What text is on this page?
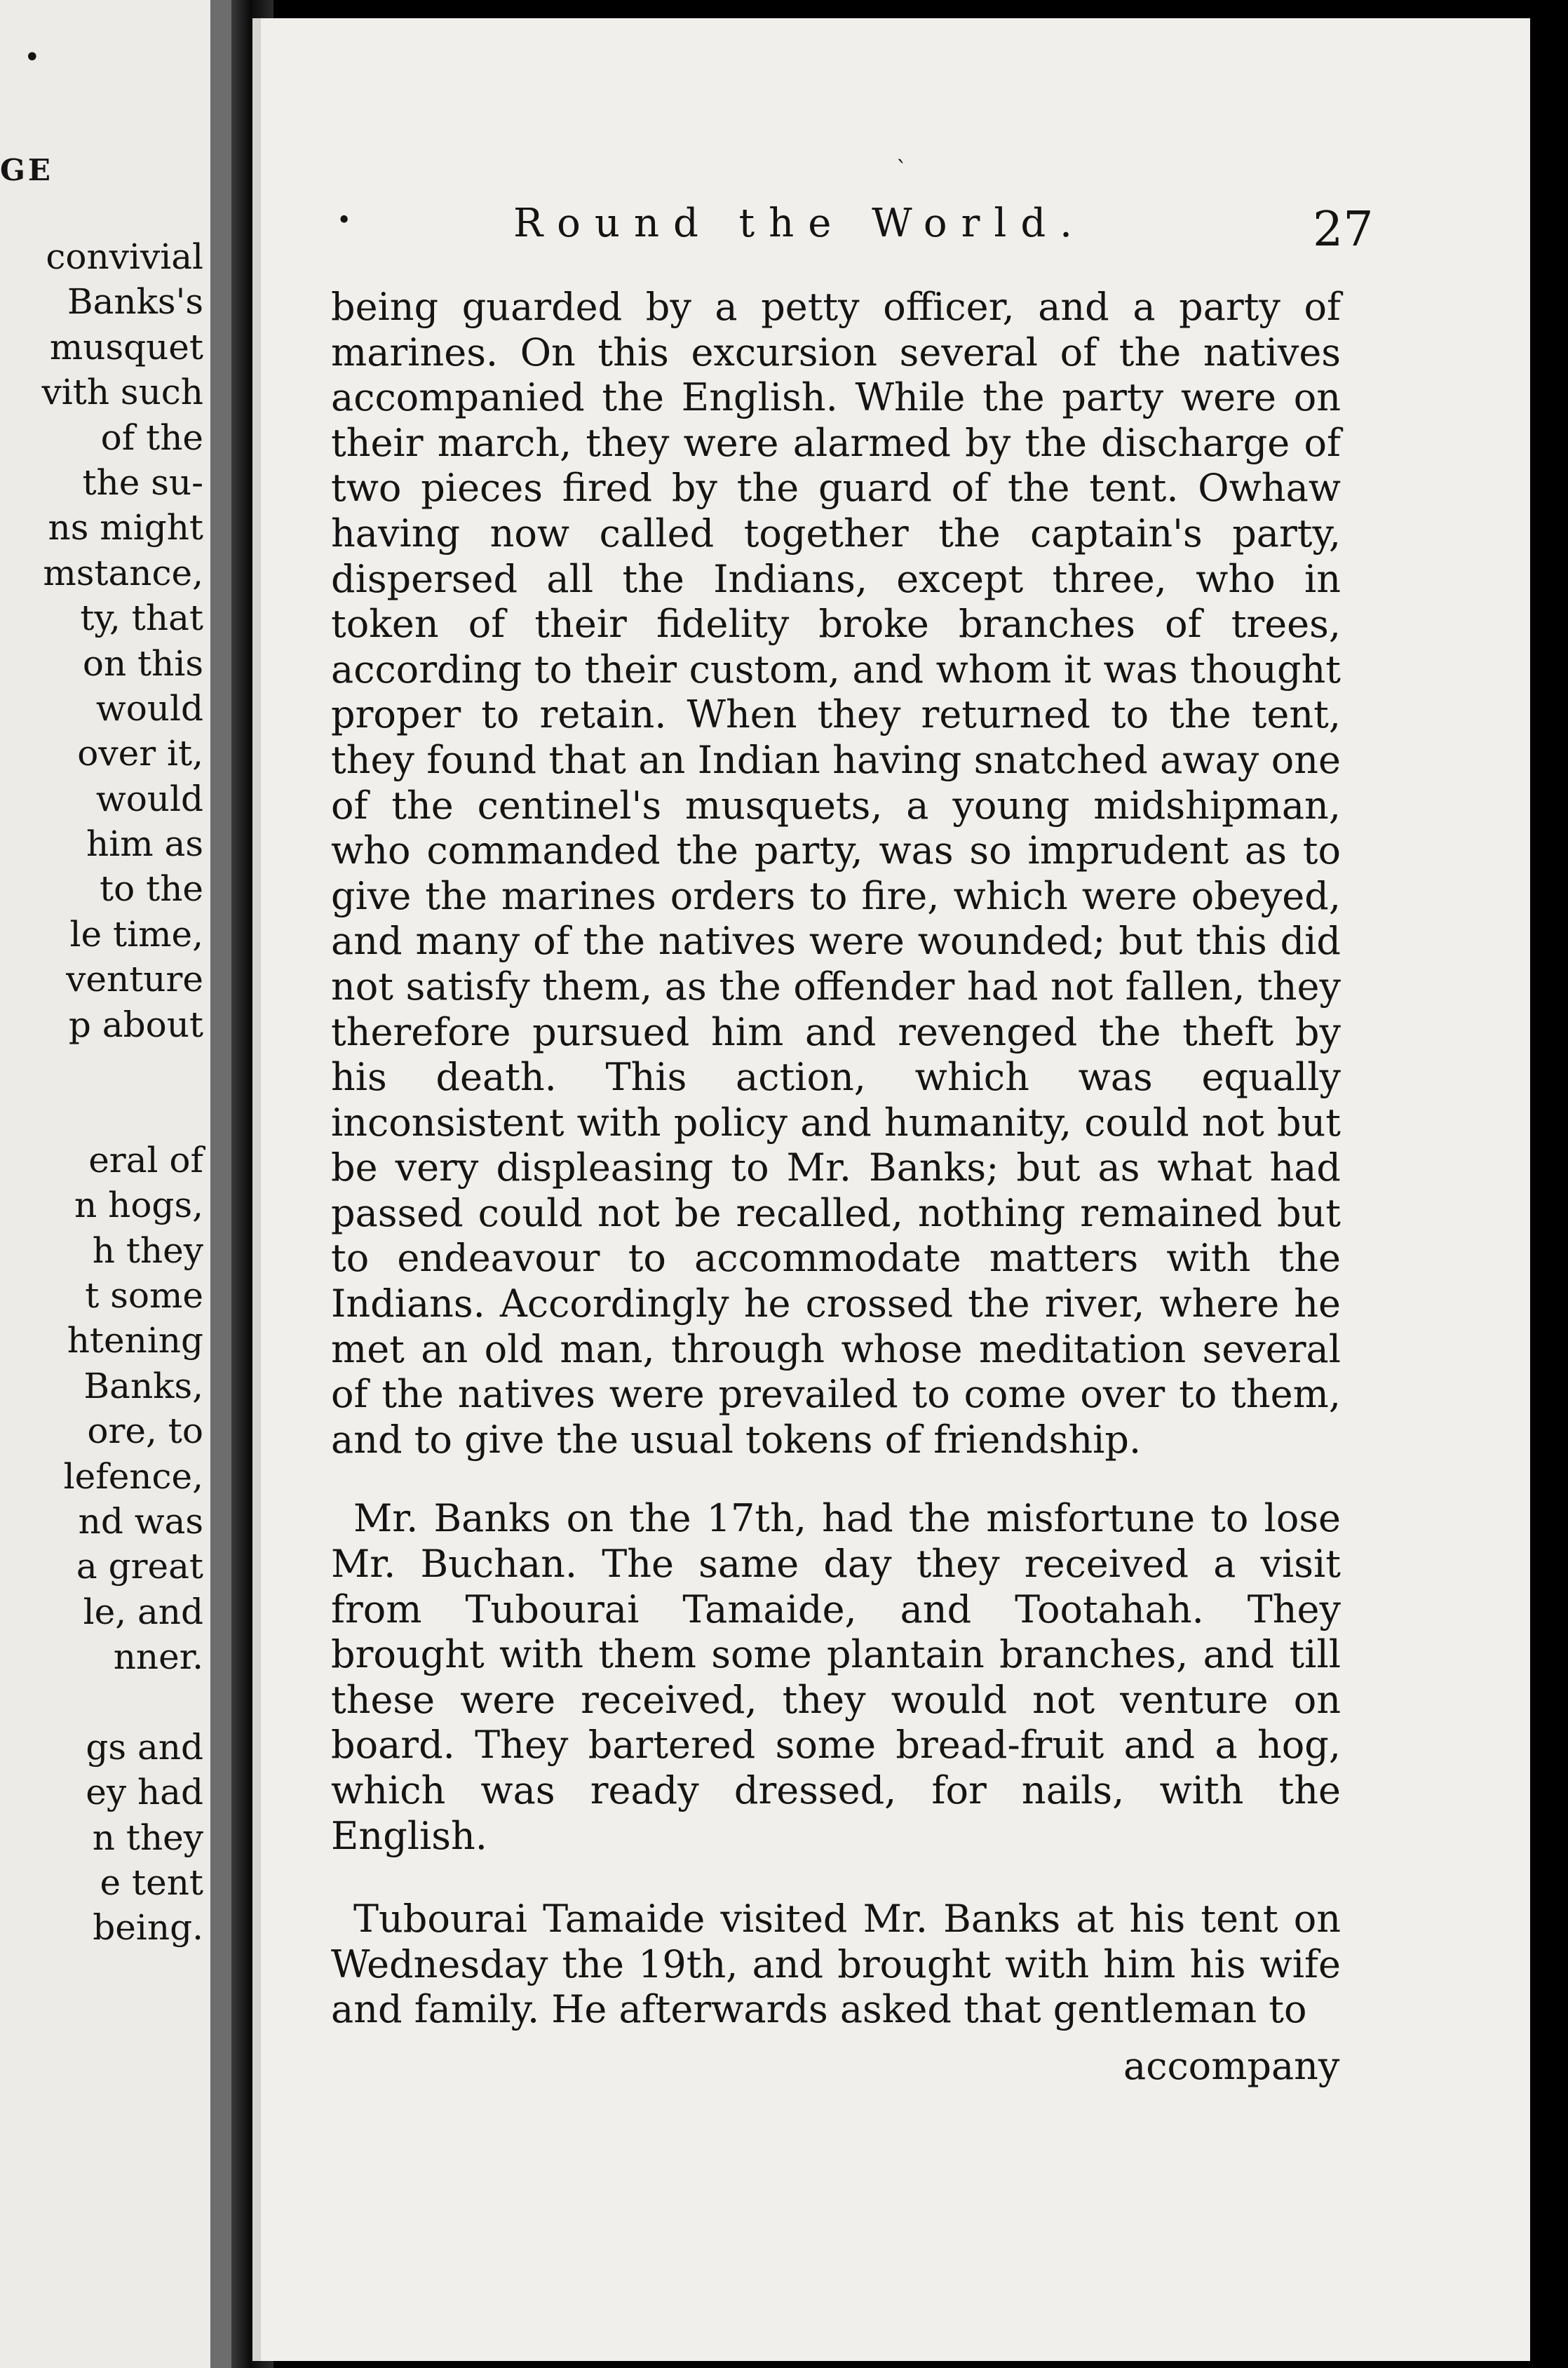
•
GE
convivial
Banks's
musquet
vith such
of the
the su-
ns might
mstance,
ty, that
on this
would
over it,
would
him as
to the
le time,
venture
p about
eral of
n hogs,
h they
t some
htening
Banks,
ore, to
lefence,
nd was
a great
le, and
nner.
gs and
ey had
n they
e tent
being.
ˋ
•	Round the World.	27

being guarded by a petty officer, and a party of marines. On this excursion several of the natives accompanied the English. While the party were on their march, they were alarmed by the discharge of two pieces fired by the guard of the tent. Owhaw having now called together the captain's party, dispersed all the Indians, except three, who in token of their fidelity broke branches of trees, according to their custom, and whom it was thought proper to retain. When they returned to the tent, they found that an Indian having snatched away one of the centinel's musquets, a young midshipman, who commanded the party, was so imprudent as to give the marines orders to fire, which were obeyed, and many of the natives were wounded; but this did not satisfy them, as the offender had not fallen, they therefore pursued him and revenged the theft by his death. This action, which was equally inconsistent with policy and humanity, could not but be very displeasing to Mr. Banks; but as what had passed could not be recalled, nothing remained but to endeavour to accommodate matters with the Indians. Accordingly he crossed the river, where he met an old man, through whose meditation several of the natives were prevailed to come over to them, and to give the usual tokens of friendship.

Mr. Banks on the 17th, had the misfortune to lose Mr. Buchan. The same day they received a visit from Tubourai Tamaide, and Tootahah. They brought with them some plantain branches, and till these were received, they would not venture on board. They bartered some bread-fruit and a hog, which was ready dressed, for nails, with the English.

Tubourai Tamaide visited Mr. Banks at his tent on Wednesday the 19th, and brought with him his wife and family. He afterwards asked that gentleman to

accompany
